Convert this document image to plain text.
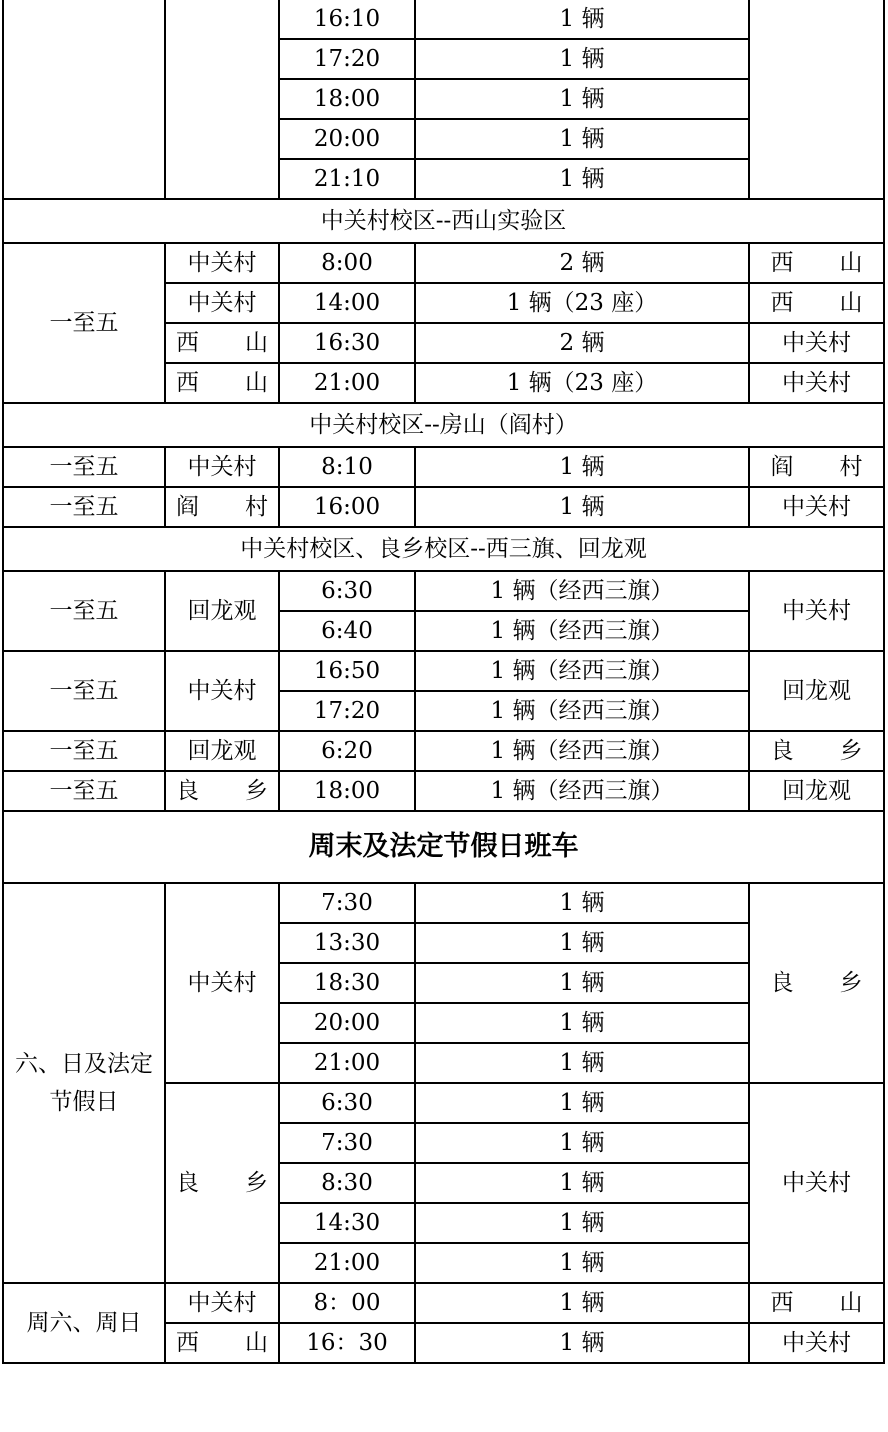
		16:10	1 辆	
		17:20	1 辆	
		18:00	1 辆	
		20:00	1 辆	
		21:10	1 辆	
中关村校区--西山实验区				
一至五	中关村	8:00	2 辆	西　　山
	中关村	14:00	1 辆（23 座）	西　　山
	西　　山	16:30	2 辆	中关村
	西　　山	21:00	1 辆（23 座）	中关村
中关村校区--房山（阎村）				
一至五	中关村	8:10	1 辆	阎　　村
一至五	阎　　村	16:00	1 辆	中关村
中关村校区、良乡校区--西三旗、回龙观				
一至五	回龙观	6:30	1 辆（经西三旗）	中关村
		6:40	1 辆（经西三旗）	
一至五	中关村	16:50	1 辆（经西三旗）	回龙观
		17:20	1 辆（经西三旗）	
一至五	回龙观	6:20	1 辆（经西三旗）	良　　乡
一至五	良　　乡	18:00	1 辆（经西三旗）	回龙观
周末及法定节假日班车				
六、日及法定节假日	中关村	7:30	1 辆	良　　乡
		13:30	1 辆	
		18:30	1 辆	
		20:00	1 辆	
		21:00	1 辆	
	良　　乡	6:30	1 辆	中关村
		7:30	1 辆	
		8:30	1 辆	
		14:30	1 辆	
		21:00	1 辆	
周六、周日	中关村	8：00	1 辆	西　　山
	西　　山	16：30	1 辆	中关村
